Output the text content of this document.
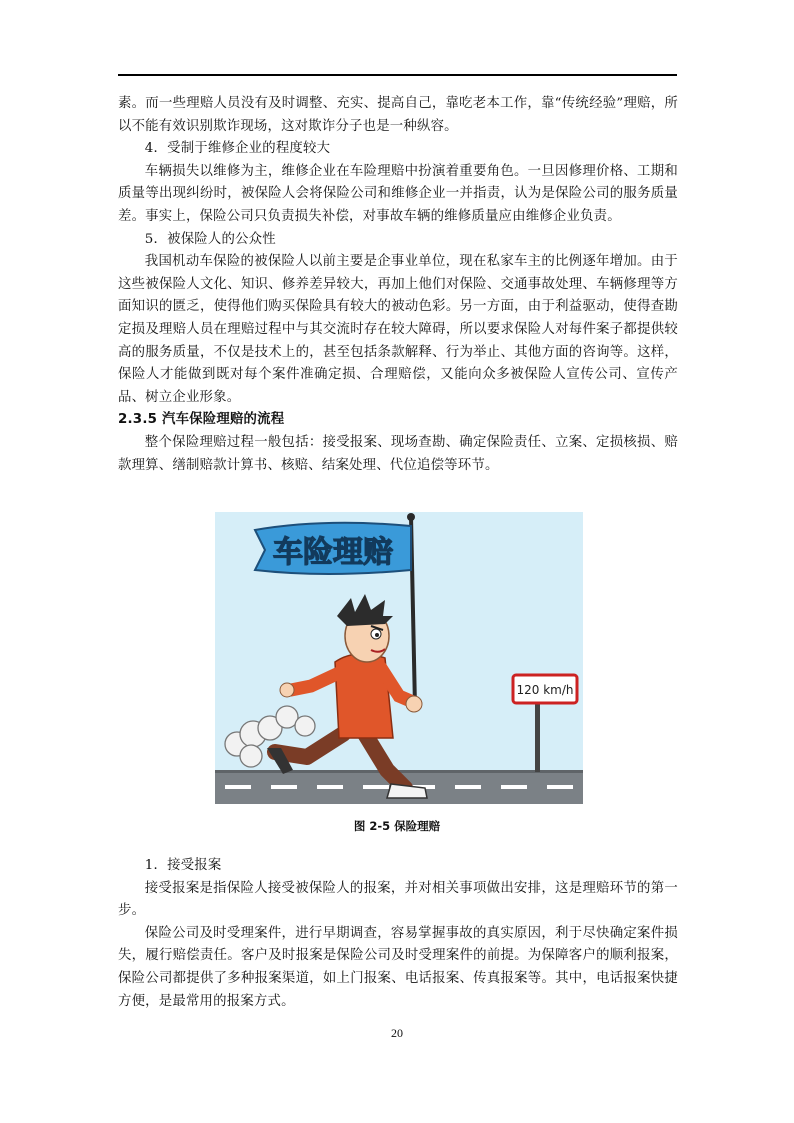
素。而一些理赔人员没有及时调整、充实、提高自己，靠吃老本工作，靠“传统经验”理赔，所以不能有效识别欺诈现场，这对欺诈分子也是一种纵容。

4．受制于维修企业的程度较大

车辆损失以维修为主，维修企业在车险理赔中扮演着重要角色。一旦因修理价格、工期和质量等出现纠纷时，被保险人会将保险公司和维修企业一并指责，认为是保险公司的服务质量差。事实上，保险公司只负责损失补偿，对事故车辆的维修质量应由维修企业负责。

5．被保险人的公众性

我国机动车保险的被保险人以前主要是企事业单位，现在私家车主的比例逐年增加。由于这些被保险人文化、知识、修养差异较大，再加上他们对保险、交通事故处理、车辆修理等方面知识的匮乏，使得他们购买保险具有较大的被动色彩。另一方面，由于利益驱动，使得查勘定损及理赔人员在理赔过程中与其交流时存在较大障碍，所以要求保险人对每件案子都提供较高的服务质量，不仅是技术上的，甚至包括条款解释、行为举止、其他方面的咨询等。这样，保险人才能做到既对每个案件准确定损、合理赔偿，又能向众多被保险人宣传公司、宣传产品、树立企业形象。

2.3.5 汽车保险理赔的流程

整个保险理赔过程一般包括：接受报案、现场查勘、确定保险责任、立案、定损核损、赔款理算、缮制赔款计算书、核赔、结案处理、代位追偿等环节。

120 km/h
车险理赔
图 2-5 保险理赔

1．接受报案

接受报案是指保险人接受被保险人的报案，并对相关事项做出安排，这是理赔环节的第一步。

保险公司及时受理案件，进行早期调查，容易掌握事故的真实原因，利于尽快确定案件损失，履行赔偿责任。客户及时报案是保险公司及时受理案件的前提。为保障客户的顺利报案，保险公司都提供了多种报案渠道，如上门报案、电话报案、传真报案等。其中，电话报案快捷方便，是最常用的报案方式。

20
